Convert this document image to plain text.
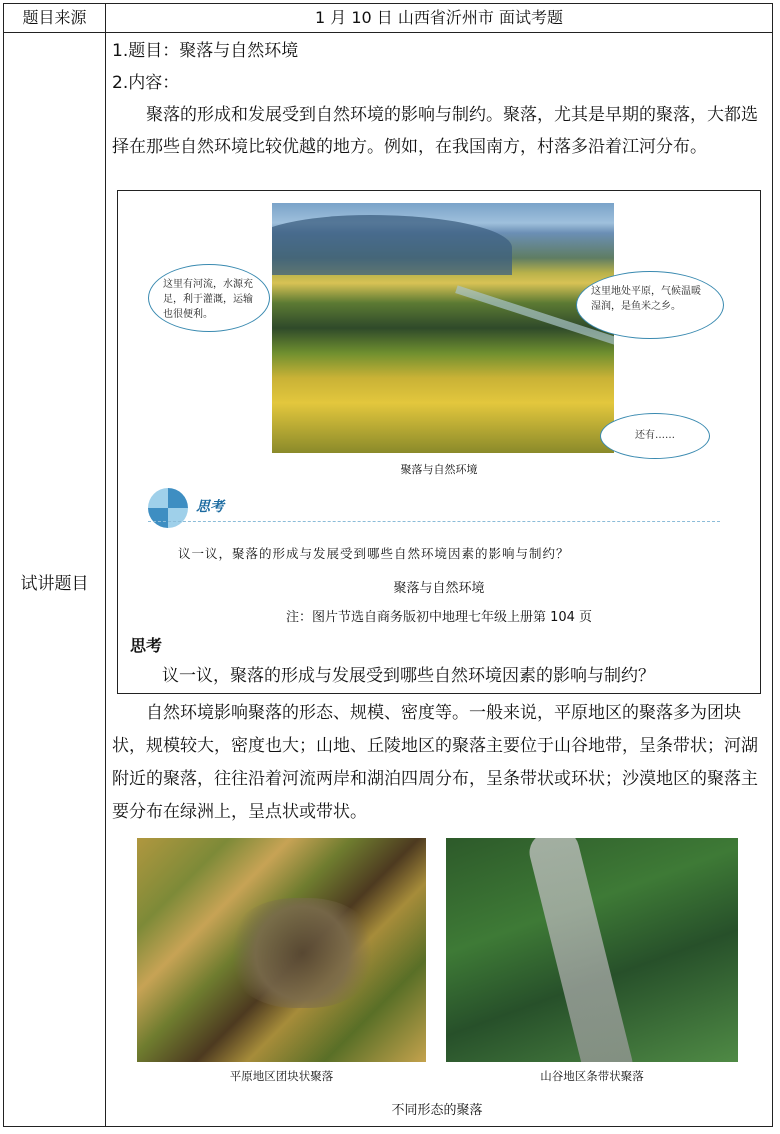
题目来源	1 月 10 日 山西省沂州市 面试考题
试讲题目

1.题目：聚落与自然环境

2.内容：

聚落的形成和发展受到自然环境的影响与制约。聚落，尤其是早期的聚落，大都选择在那些自然环境比较优越的地方。例如，在我国南方，村落多沿着江河分布。

这里有河流，水源充足，利于灌溉，运输也很便利。
这里地处平原，气候温暖湿润，是鱼米之乡。
还有……
聚落与自然环境
思考
议一议，聚落的形成与发展受到哪些自然环境因素的影响与制约？
聚落与自然环境
注：图片节选自商务版初中地理七年级上册第 104 页
思考
议一议，聚落的形成与发展受到哪些自然环境因素的影响与制约？
自然环境影响聚落的形态、规模、密度等。一般来说，平原地区的聚落多为团块状，规模较大，密度也大；山地、丘陵地区的聚落主要位于山谷地带，呈条带状；河湖附近的聚落，往往沿着河流两岸和湖泊四周分布，呈条带状或环状；沙漠地区的聚落主要分布在绿洲上，呈点状或带状。
平原地区团块状聚落	山谷地区条带状聚落
不同形态的聚落
